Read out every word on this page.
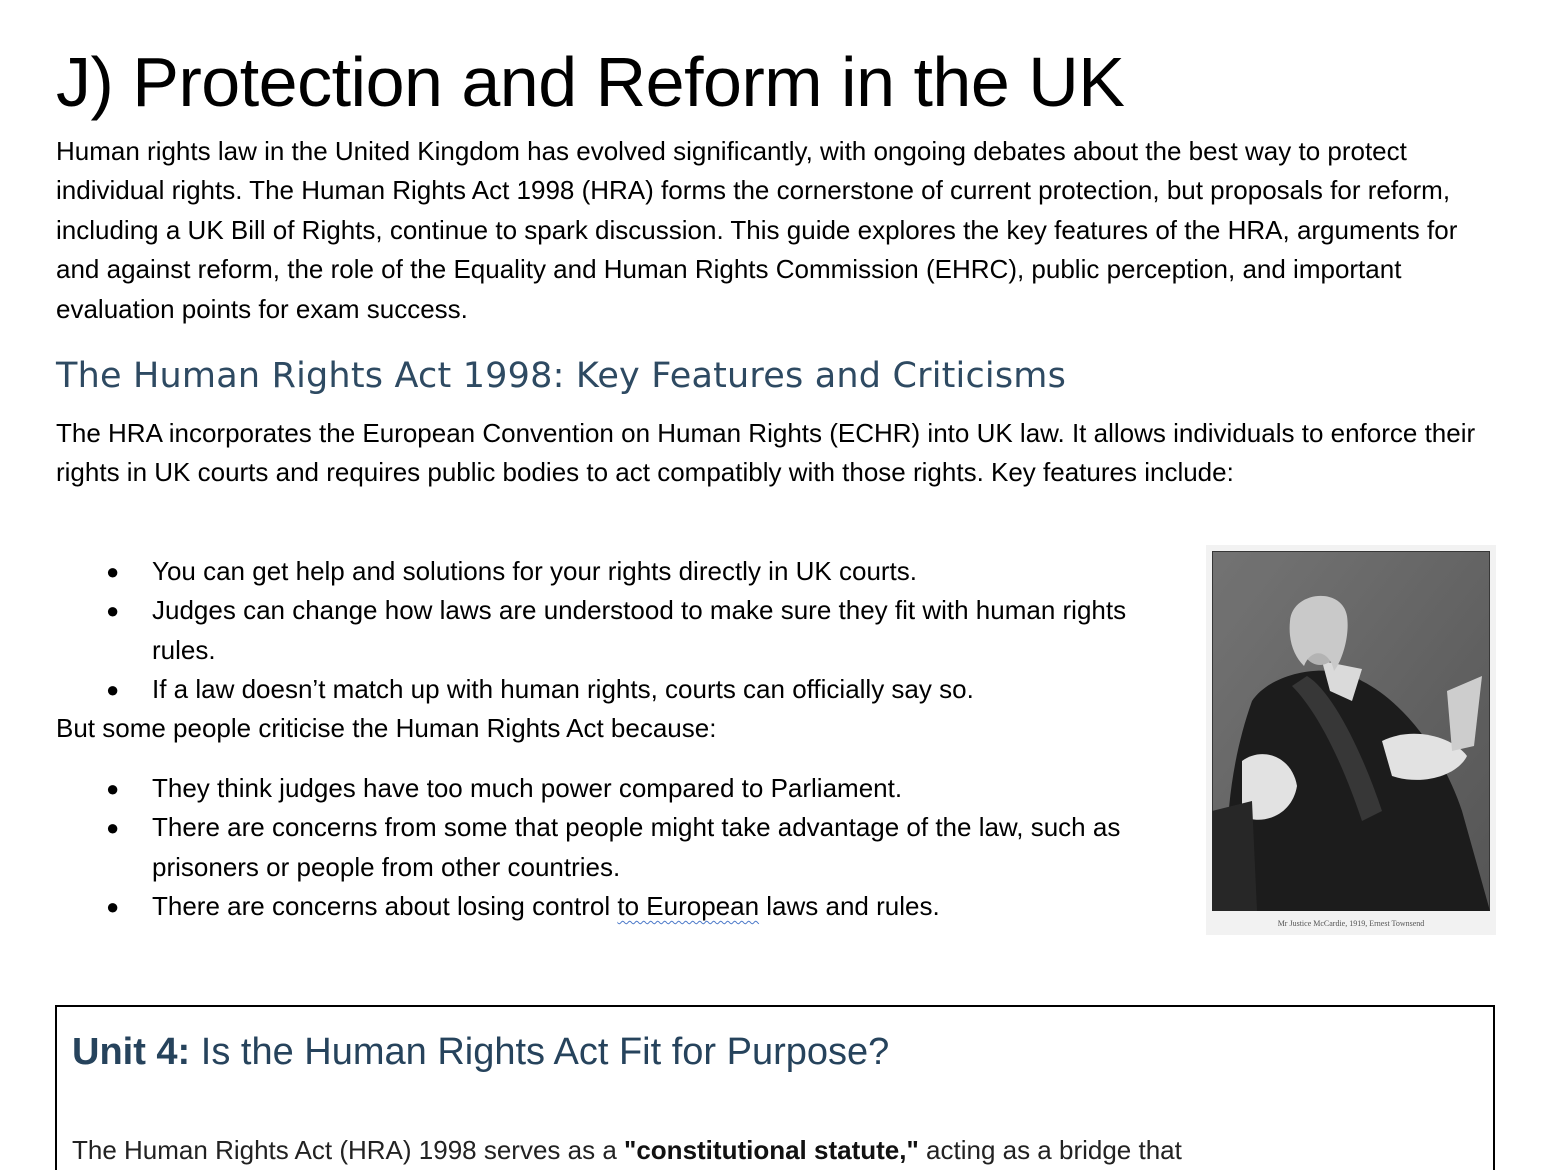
J) Protection and Reform in the UK

Human rights law in the United Kingdom has evolved significantly, with ongoing debates about the best way to protect individual rights. The Human Rights Act 1998 (HRA) forms the cornerstone of current protection, but proposals for reform, including a UK Bill of Rights, continue to spark discussion. This guide explores the key features of the HRA, arguments for and against reform, the role of the Equality and Human Rights Commission (EHRC), public perception, and important evaluation points for exam success.

The Human Rights Act 1998: Key Features and Criticisms

The HRA incorporates the European Convention on Human Rights (ECHR) into UK law. It allows individuals to enforce their rights in UK courts and requires public bodies to act compatibly with those rights. Key features include:

● You can get help and solutions for your rights directly in UK courts.
● Judges can change how laws are understood to make sure they fit with human rights rules.
● If a law doesn’t match up with human rights, courts can officially say so.

But some people criticise the Human Rights Act because:

● They think judges have too much power compared to Parliament.
● There are concerns from some that people might take advantage of the law, such as prisoners or people from other countries.
● There are concerns about losing control to European laws and rules.
Mr Justice McCardie, 1919, Ernest Townsend
Unit 4: Is the Human Rights Act Fit for Purpose?

The Human Rights Act (HRA) 1998 serves as a "constitutional statute," acting as a bridge that
